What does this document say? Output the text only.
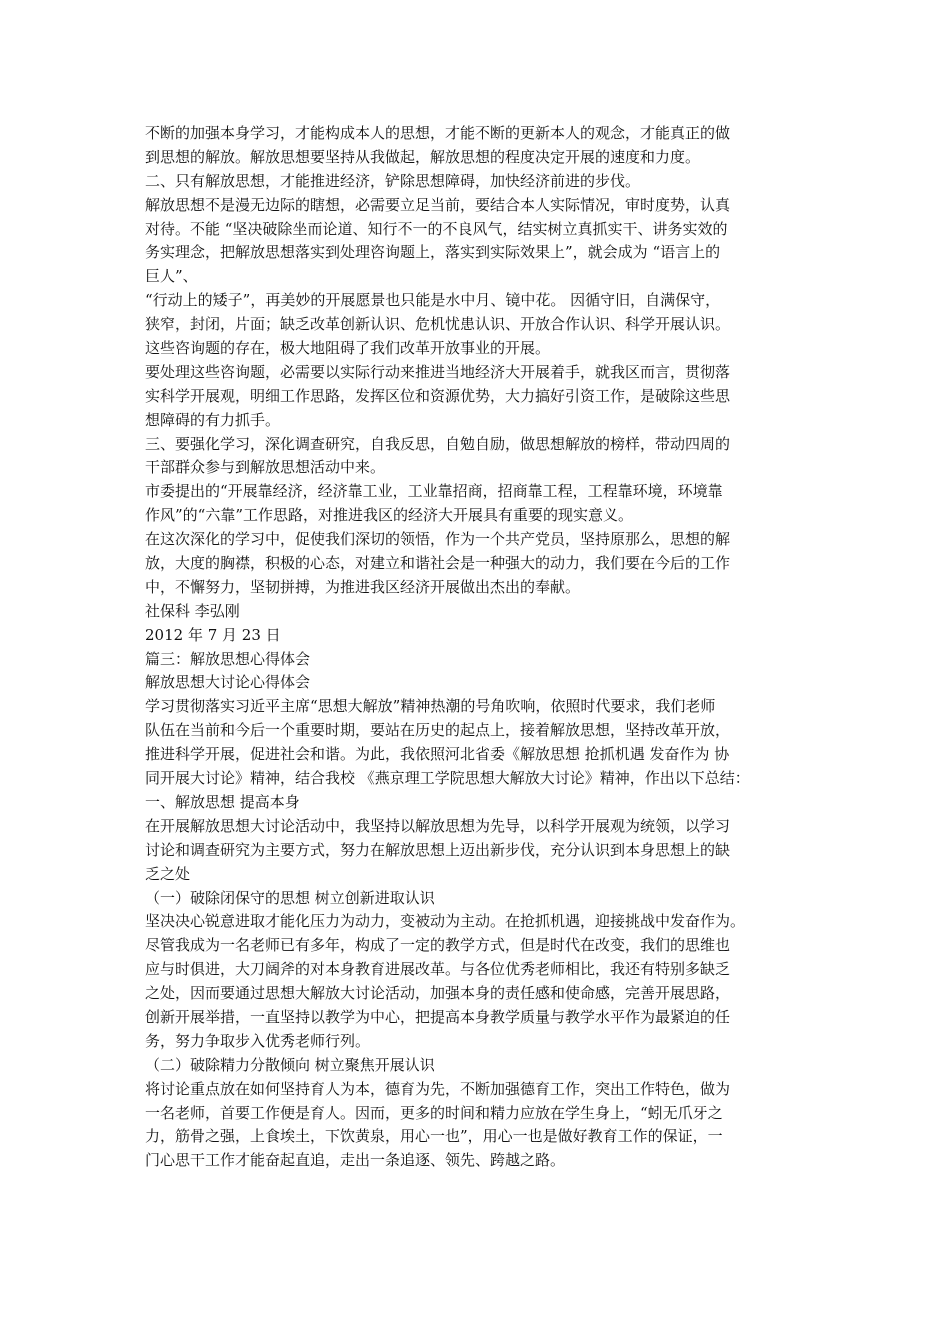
不断的加强本身学习，才能构成本人的思想，才能不断的更新本人的观念，才能真正的做
到思想的解放。解放思想要坚持从我做起，解放思想的程度决定开展的速度和力度。
二、只有解放思想，才能推进经济，铲除思想障碍，加快经济前进的步伐。
解放思想不是漫无边际的瞎想，必需要立足当前，要结合本人实际情况，审时度势，认真
对待。不能 “坚决破除坐而论道、知行不一的不良风气，结实树立真抓实干、讲务实效的
务实理念，把解放思想落实到处理咨询题上，落实到实际效果上”，就会成为 “语言上的
巨人”、
“行动上的矮子”，再美妙的开展愿景也只能是水中月、镜中花。 因循守旧，自满保守，
狭窄，封闭，片面；缺乏改革创新认识、危机忧患认识、开放合作认识、科学开展认识。
这些咨询题的存在，极大地阻碍了我们改革开放事业的开展。
要处理这些咨询题，必需要以实际行动来推进当地经济大开展着手，就我区而言，贯彻落
实科学开展观，明细工作思路，发挥区位和资源优势，大力搞好引资工作，是破除这些思
想障碍的有力抓手。
三、要强化学习，深化调查研究，自我反思，自勉自励，做思想解放的榜样，带动四周的
干部群众参与到解放思想活动中来。
市委提出的“开展靠经济，经济靠工业，工业靠招商，招商靠工程，工程靠环境，环境靠
作风”的“六靠”工作思路，对推进我区的经济大开展具有重要的现实意义。
在这次深化的学习中，促使我们深切的领悟，作为一个共产党员，坚持原那么，思想的解
放，大度的胸襟，积极的心态，对建立和谐社会是一种强大的动力，我们要在今后的工作
中，不懈努力，坚韧拼搏，为推进我区经济开展做出杰出的奉献。
社保科 李弘刚
2012 年 7 月 23 日
篇三：解放思想心得体会
解放思想大讨论心得体会
学习贯彻落实习近平主席“思想大解放”精神热潮的号角吹响，依照时代要求，我们老师
队伍在当前和今后一个重要时期，要站在历史的起点上，接着解放思想，坚持改革开放，
推进科学开展，促进社会和谐。为此，我依照河北省委《解放思想 抢抓机遇 发奋作为 协
同开展大讨论》精神，结合我校 《燕京理工学院思想大解放大讨论》精神，作出以下总结：
一、解放思想 提高本身
在开展解放思想大讨论活动中，我坚持以解放思想为先导，以科学开展观为统领，以学习
讨论和调查研究为主要方式，努力在解放思想上迈出新步伐，充分认识到本身思想上的缺
乏之处
（一）破除闭保守的思想 树立创新进取认识
坚决决心锐意进取才能化压力为动力，变被动为主动。在抢抓机遇，迎接挑战中发奋作为。
尽管我成为一名老师已有多年，构成了一定的教学方式，但是时代在改变，我们的思维也
应与时俱进，大刀阔斧的对本身教育进展改革。与各位优秀老师相比，我还有特别多缺乏
之处，因而要通过思想大解放大讨论活动，加强本身的责任感和使命感，完善开展思路，
创新开展举措，一直坚持以教学为中心，把提高本身教学质量与教学水平作为最紧迫的任
务，努力争取步入优秀老师行列。
（二）破除精力分散倾向 树立聚焦开展认识
将讨论重点放在如何坚持育人为本，德育为先，不断加强德育工作，突出工作特色，做为
一名老师，首要工作便是育人。因而，更多的时间和精力应放在学生身上，“蚓无爪牙之
力，筋骨之强，上食埃土，下饮黄泉，用心一也”，用心一也是做好教育工作的保证，一
门心思干工作才能奋起直追，走出一条追逐、领先、跨越之路。
